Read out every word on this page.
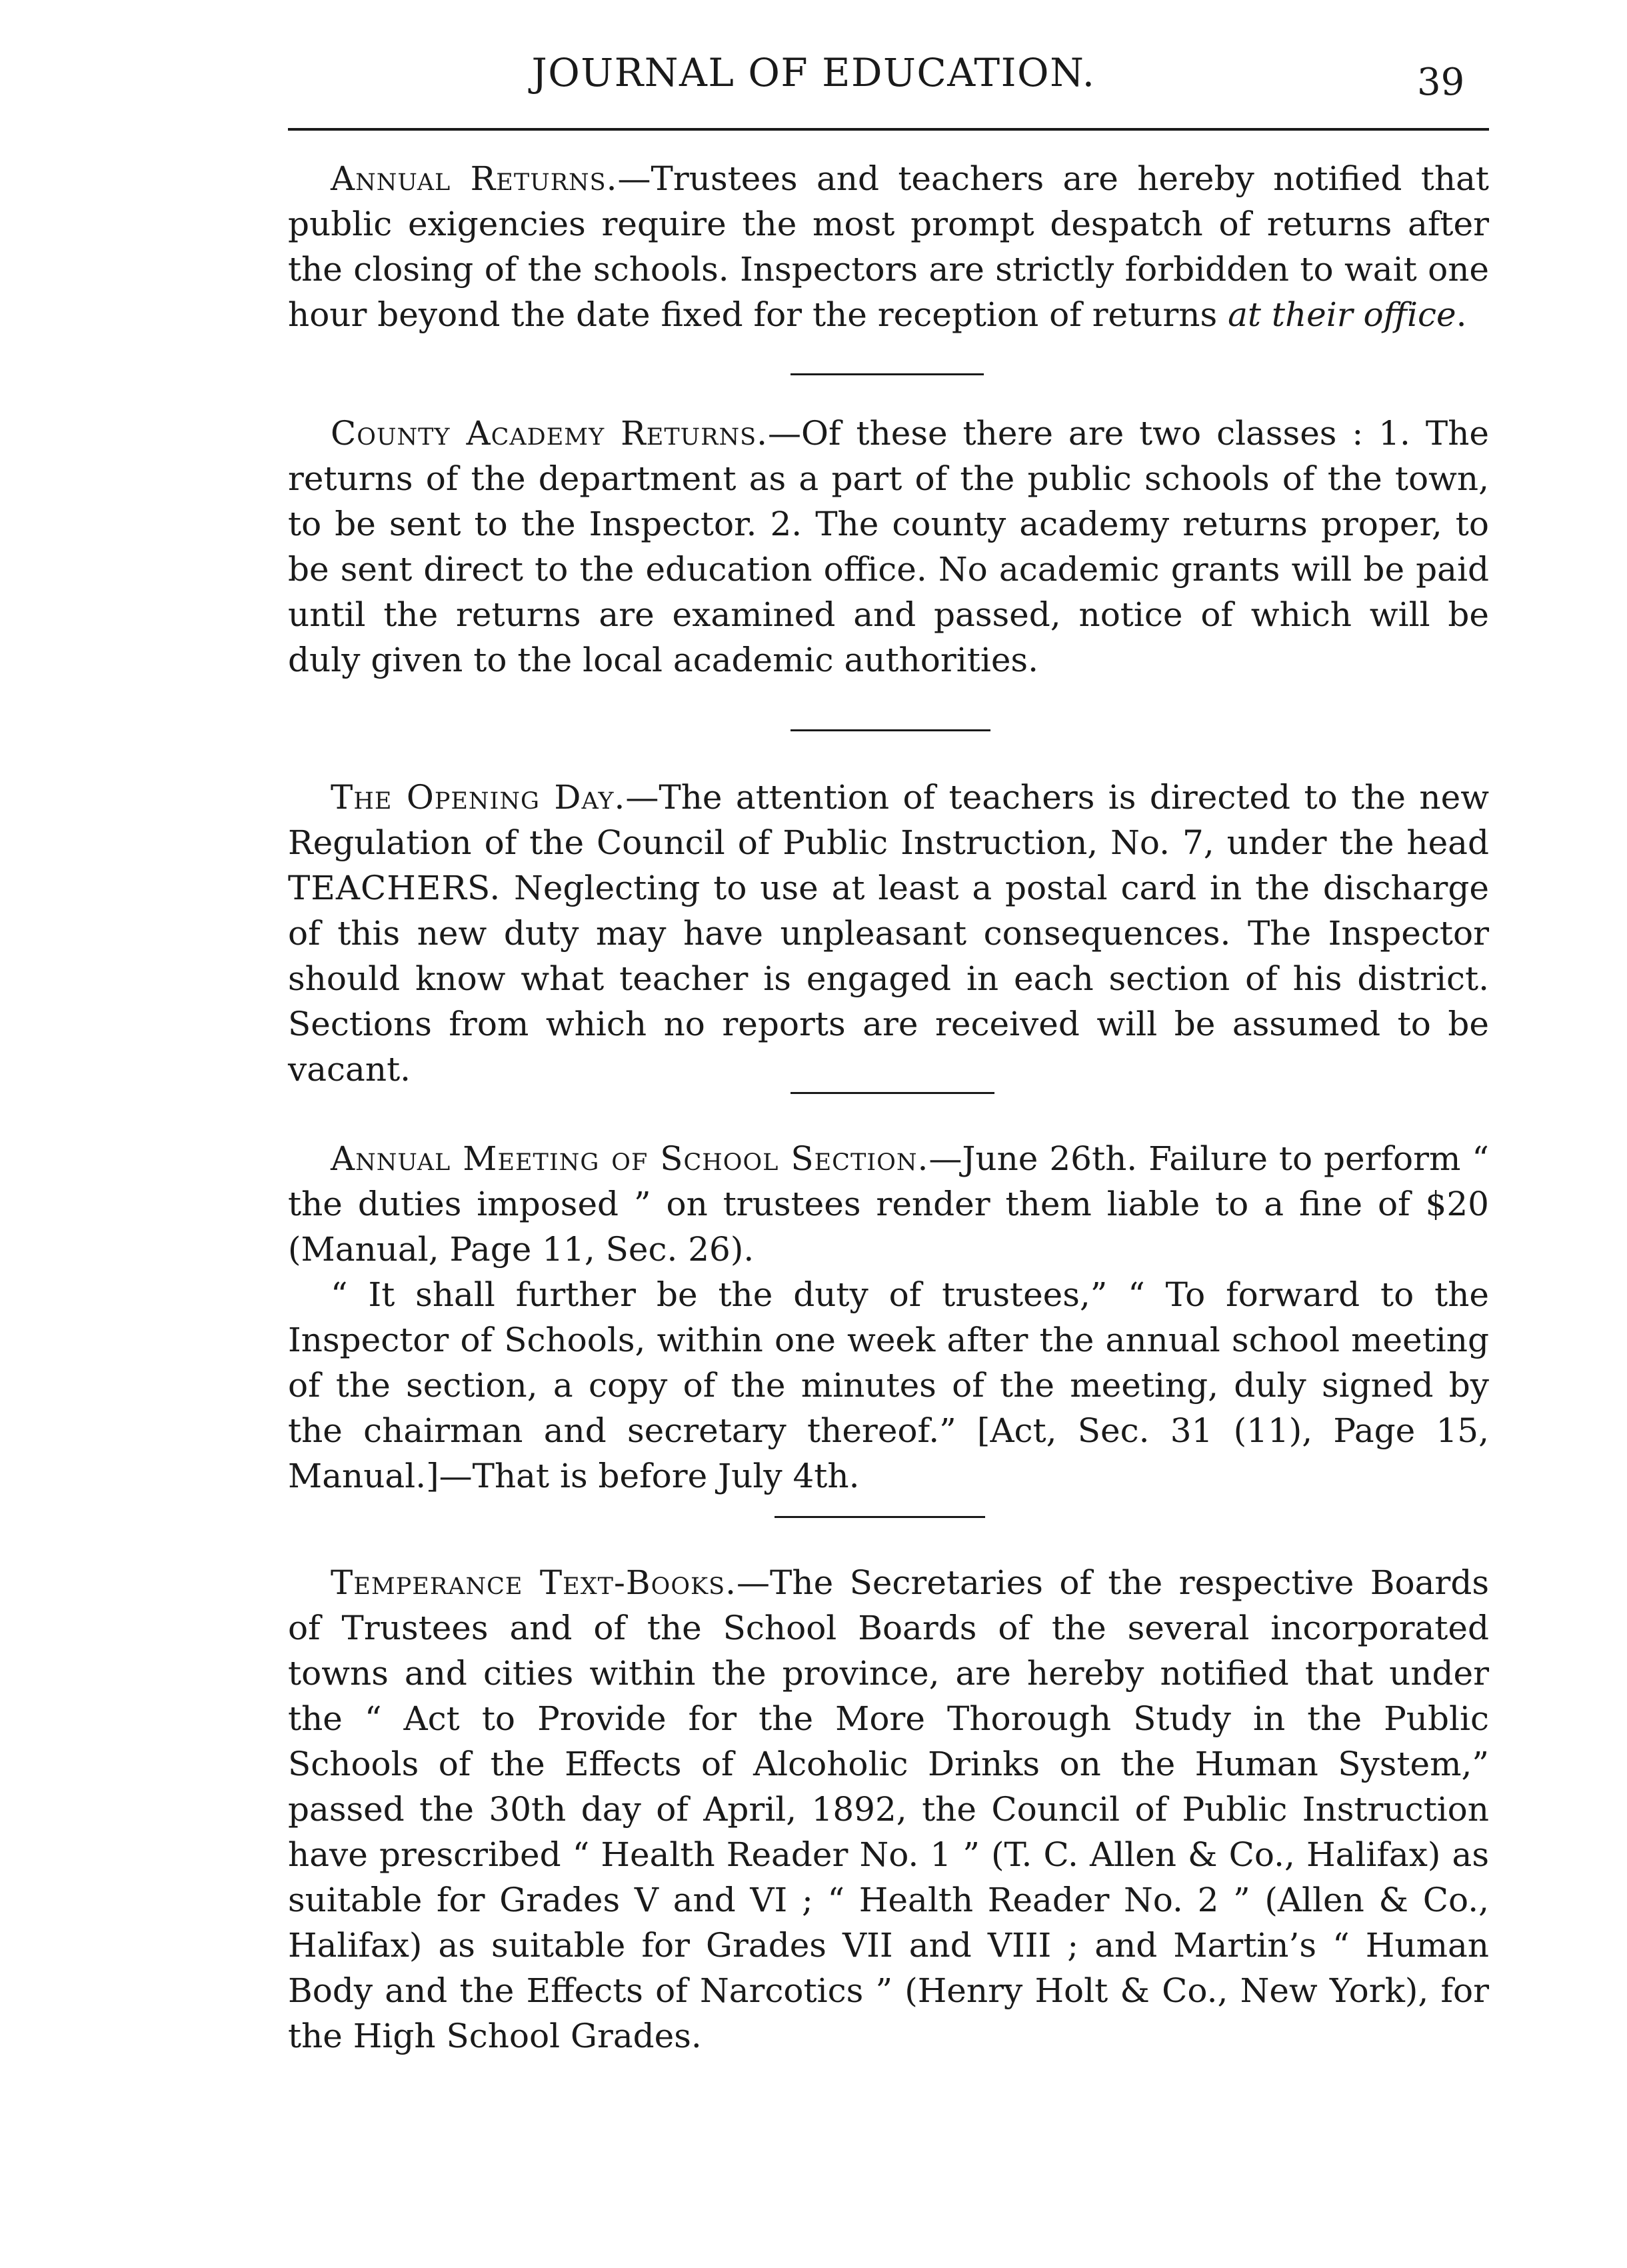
JOURNAL OF EDUCATION.	39

Annual Returns.—Trustees and teachers are hereby notified that public exigencies require the most prompt despatch of returns after the closing of the schools. Inspectors are strictly forbidden to wait one hour beyond the date fixed for the reception of returns at their office.

County Academy Returns.—Of these there are two classes : 1. The returns of the department as a part of the public schools of the town, to be sent to the Inspector. 2. The county academy returns proper, to be sent direct to the education office. No academic grants will be paid until the returns are examined and passed, notice of which will be duly given to the local academic authorities.

The Opening Day.—The attention of teachers is directed to the new Regulation of the Council of Public Instruction, No. 7, under the head TEACHERS. Neglecting to use at least a postal card in the discharge of this new duty may have unpleasant consequences. The Inspector should know what teacher is engaged in each section of his district. Sections from which no reports are received will be assumed to be vacant.

Annual Meeting of School Section.—June 26th. Failure to perform “ the duties imposed ” on trustees render them liable to a fine of $20 (Manual, Page 11, Sec. 26).

“ It shall further be the duty of trustees,” “ To forward to the Inspector of Schools, within one week after the annual school meeting of the section, a copy of the minutes of the meeting, duly signed by the chairman and secretary thereof.” [Act, Sec. 31 (11), Page 15, Manual.]—That is before July 4th.

Temperance Text-Books.—The Secretaries of the respective Boards of Trustees and of the School Boards of the several incorporated towns and cities within the province, are hereby notified that under the “ Act to Provide for the More Thorough Study in the Public Schools of the Effects of Alcoholic Drinks on the Human System,” passed the 30th day of April, 1892, the Council of Public Instruction have prescribed “ Health Reader No. 1 ” (T. C. Allen & Co., Halifax) as suitable for Grades V and VI ; “ Health Reader No. 2 ” (Allen & Co., Halifax) as suitable for Grades VII and VIII ; and Martin’s “ Human Body and the Effects of Narcotics ” (Henry Holt & Co., New York), for the High School Grades.
